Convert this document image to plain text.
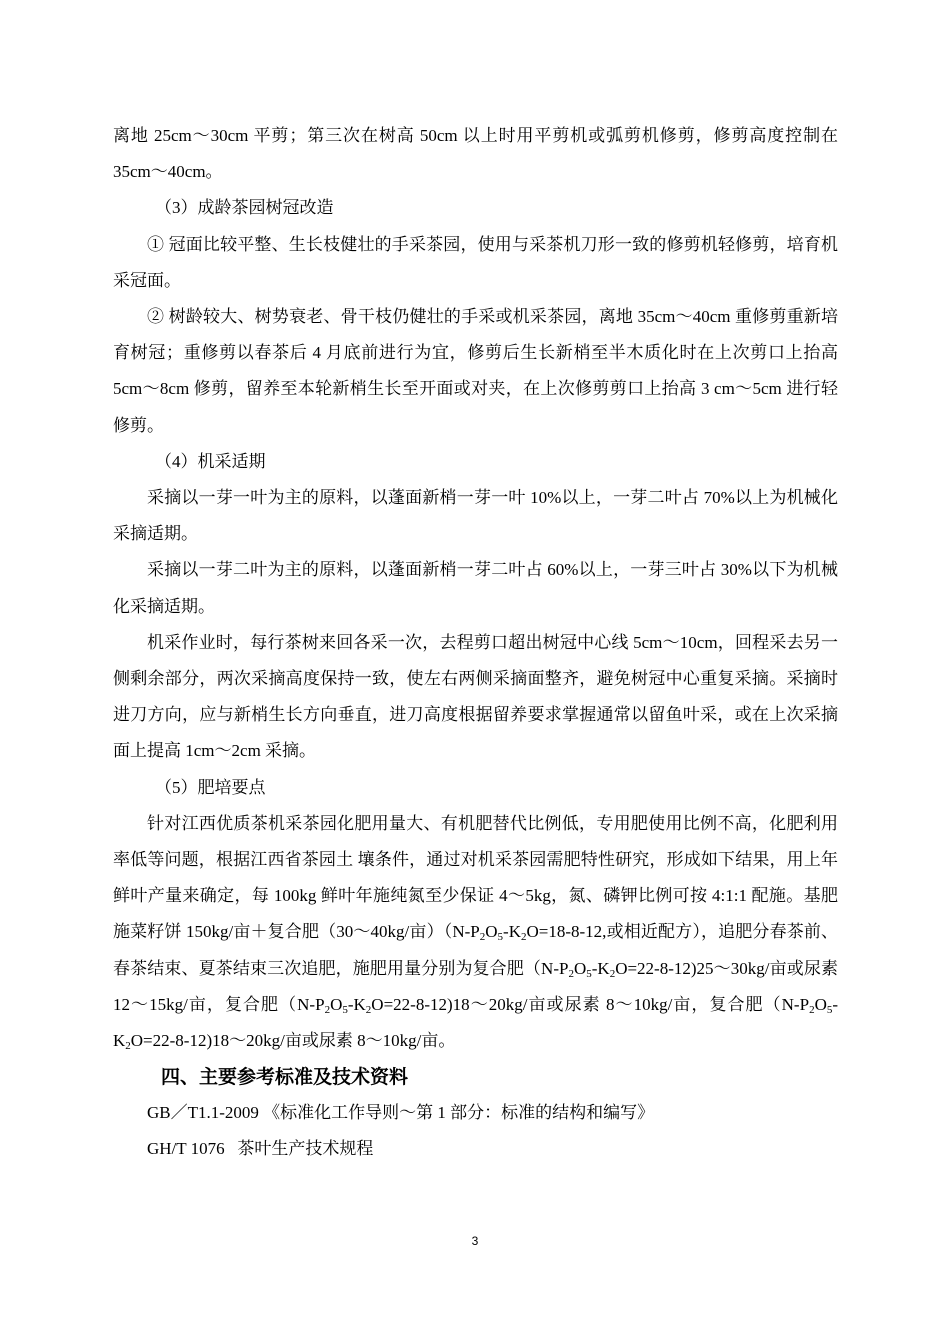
离地 25cm～30cm 平剪；第三次在树高 50cm 以上时用平剪机或弧剪机修剪，修剪高度控制在 35cm～40cm。

（3）成龄茶园树冠改造

① 冠面比较平整、生长枝健壮的手采茶园，使用与采茶机刀形一致的修剪机轻修剪，培育机采冠面。

② 树龄较大、树势衰老、骨干枝仍健壮的手采或机采茶园，离地 35cm～40cm 重修剪重新培育树冠；重修剪以春茶后 4 月底前进行为宜，修剪后生长新梢至半木质化时在上次剪口上抬高 5cm～8cm 修剪，留养至本轮新梢生长至开面或对夹，在上次修剪剪口上抬高 3 cm～5cm 进行轻修剪。

（4）机采适期

采摘以一芽一叶为主的原料，以蓬面新梢一芽一叶 10%以上，一芽二叶占 70%以上为机械化采摘适期。

采摘以一芽二叶为主的原料，以蓬面新梢一芽二叶占 60%以上，一芽三叶占 30%以下为机械化采摘适期。

机采作业时，每行茶树来回各采一次，去程剪口超出树冠中心线 5cm～10cm，回程采去另一侧剩余部分，两次采摘高度保持一致，使左右两侧采摘面整齐，避免树冠中心重复采摘。采摘时进刀方向，应与新梢生长方向垂直，进刀高度根据留养要求掌握通常以留鱼叶采，或在上次采摘面上提高 1cm～2cm 采摘。

（5）肥培要点

针对江西优质茶机采茶园化肥用量大、有机肥替代比例低，专用肥使用比例不高，化肥利用率低等问题，根据江西省茶园土 壤条件，通过对机采茶园需肥特性研究，形成如下结果，用上年鲜叶产量来确定，每 100kg 鲜叶年施纯氮至少保证 4～5kg，氮、磷钾比例可按 4:1:1 配施。基肥施菜籽饼 150kg/亩＋复合肥（30～40kg/亩）（$N-P_2O_5-K_2O=18-8-12$,或相近配方），追肥分春茶前、春茶结束、夏茶结束三次追肥，施肥用量分别为复合肥$(N-P_2O_5-K_2O=22-8-12)25\sim 30kg/$亩或尿素 12～15kg/亩，复合肥$(N-P_2O_5-K_2O=22-8-12)18\sim 20kg/$亩或尿素 8～10kg/亩，复合肥$(N-P_2O_5-K_2O=22-8-12)18\sim 20kg/$亩或尿素 8～10kg/亩。

四、主要参考标准及技术资料

GB／T1.1-2009 《标准化工作导则～第 1 部分：标准的结构和编写》

GH/T 1076   茶叶生产技术规程

3
